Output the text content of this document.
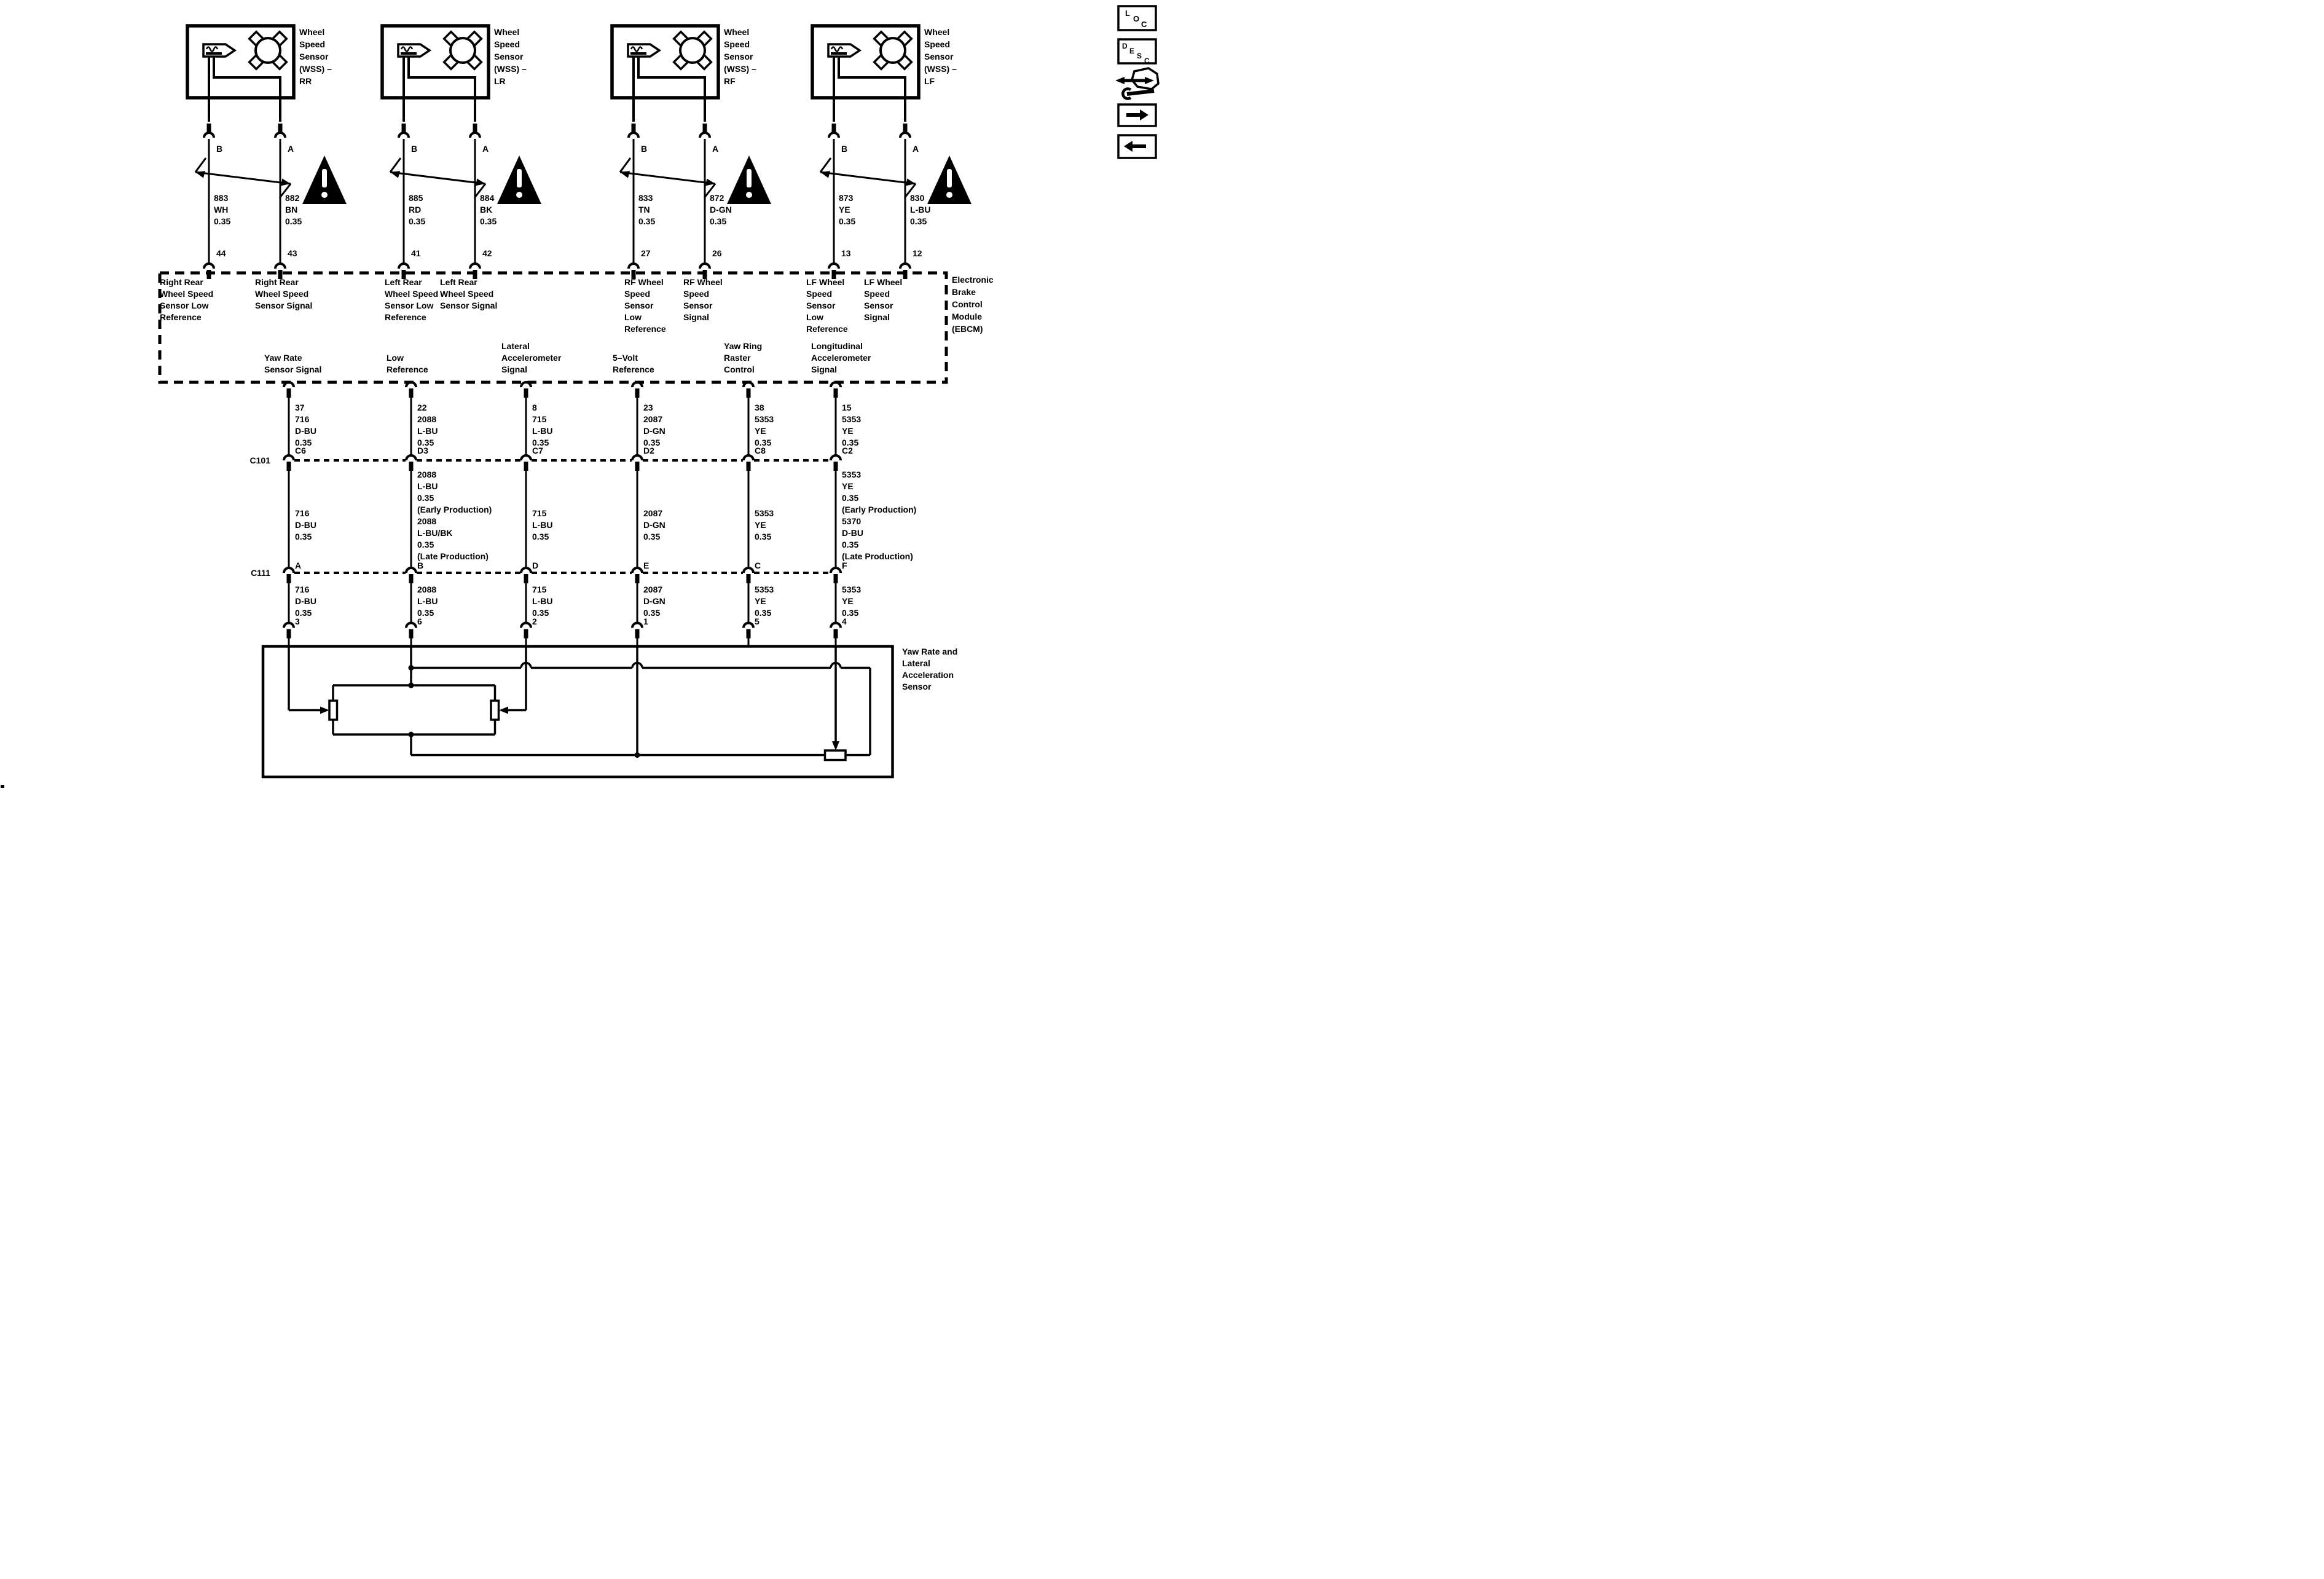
Wheel
Speed
Sensor
(WSS) –
RR
B
883
WH
0.35
44
Right Rear
Wheel Speed
Sensor Low
Reference
A
882
BN
0.35
43
Right Rear
Wheel Speed
Sensor Signal
Wheel
Speed
Sensor
(WSS) –
LR
B
885
RD
0.35
41
Left Rear
Wheel Speed
Sensor Low
Reference
A
884
BK
0.35
42
Left Rear
Wheel Speed
Sensor Signal
Wheel
Speed
Sensor
(WSS) –
RF
B
833
TN
0.35
27
RF Wheel
Speed
Sensor
Low
Reference
A
872
D-GN
0.35
26
RF Wheel
Speed
Sensor
Signal
Wheel
Speed
Sensor
(WSS) –
LF
B
873
YE
0.35
13
LF Wheel
Speed
Sensor
Low
Reference
A
830
L-BU
0.35
12
LF Wheel
Speed
Sensor
Signal
Electronic
Brake
Control
Module
(EBCM)
Yaw Rate
Sensor Signal
Low
Reference
Lateral
Accelerometer
Signal
5–Volt
Reference
Yaw Ring
Raster
Control
Longitudinal
Accelerometer
Signal
37
716
D-BU
0.35
C6
716
D-BU
0.35
A
716
D-BU
0.35
3
22
2088
L-BU
0.35
D3
2088
L-BU
0.35
(Early Production)
2088
L-BU/BK
0.35
(Late Production)
B
2088
L-BU
0.35
6
8
715
L-BU
0.35
C7
715
L-BU
0.35
D
715
L-BU
0.35
2
23
2087
D-GN
0.35
D2
2087
D-GN
0.35
E
2087
D-GN
0.35
1
38
5353
YE
0.35
C8
5353
YE
0.35
C
5353
YE
0.35
5
15
5353
YE
0.35
C2
5353
YE
0.35
(Early Production)
5370
D-BU
0.35
(Late Production)
F
5353
YE
0.35
4
C101
C111
Yaw Rate and
Lateral
Acceleration
Sensor
L
O
C
D
E
S
C
